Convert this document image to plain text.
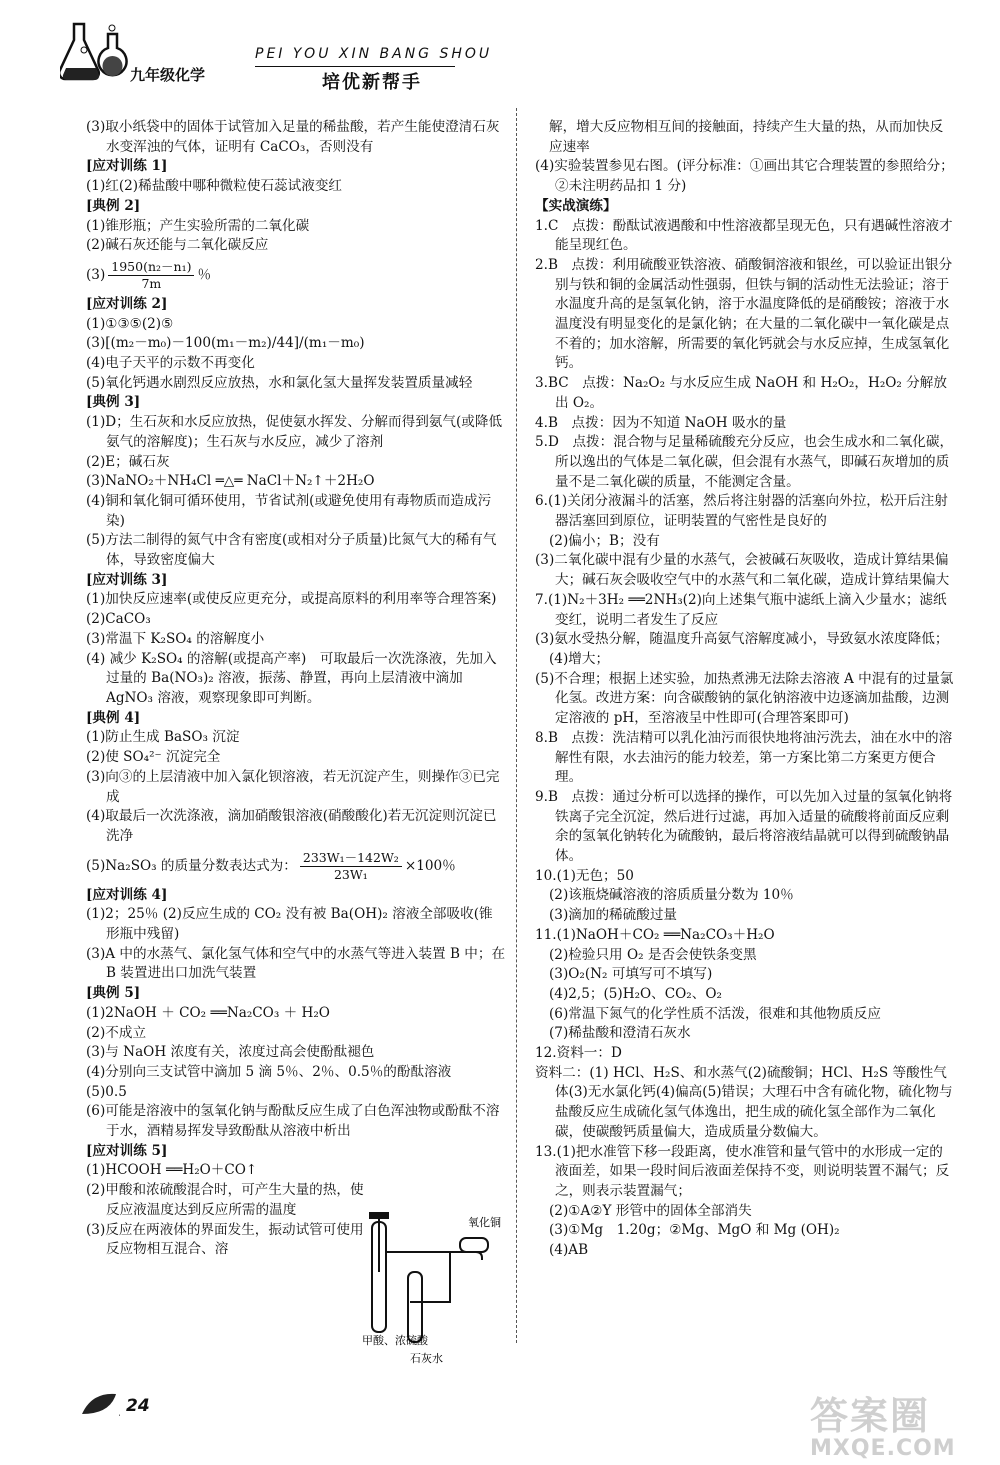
九年级化学
PEI YOU XIN BANG SHOU
培优新帮手
(3)取小纸袋中的固体于试管加入足量的稀盐酸，若产生能使澄清石灰水变浑浊的气体，证明有 CaCO₃，否则没有
[应对训练 1]
(1)红(2)稀盐酸中哪种微粒使石蕊试液变红
[典例 2]
(1)锥形瓶；产生实验所需的二氧化碳
(2)碱石灰还能与二氧化碳反应
$(3) \frac{\text{1950(n₂－n₁)}}{7m}$ ％
[应对训练 2]
(1)①③⑤(2)⑤
(3)[(m₂－m₀)－100(m₁－m₂)/44]/(m₁－m₀)
(4)电子天平的示数不再变化
(5)氧化钙遇水剧烈反应放热，水和氯化氢大量挥发装置质量减轻
[典例 3]
(1)D；生石灰和水反应放热，促使氨水挥发、分解而得到氨气(或降低氨气的溶解度)；生石灰与水反应，减少了溶剂
(2)E；碱石灰
(3)NaNO₂＋NH₄Cl ═△═ NaCl＋N₂↑＋2H₂O
(4)铜和氧化铜可循环使用，节省试剂(或避免使用有毒物质而造成污染)
(5)方法二制得的氮气中含有密度(或相对分子质量)比氮气大的稀有气体，导致密度偏大
[应对训练 3]
(1)加快反应速率(或使反应更充分，或提高原料的利用率等合理答案)
(2)CaCO₃
(3)常温下 K₂SO₄ 的溶解度小
(4) 减少 K₂SO₄ 的溶解(或提高产率)　可取最后一次洗涤液，先加入过量的 Ba(NO₃)₂ 溶液，振荡、静置，再向上层清液中滴加 AgNO₃ 溶液，观察现象即可判断。
[典例 4]
(1)防止生成 BaSO₃ 沉淀
(2)使 SO₄²⁻ 沉淀完全
(3)向③的上层清液中加入氯化钡溶液，若无沉淀产生，则操作③已完成
(4)取最后一次洗涤液，滴加硝酸银溶液(硝酸酸化)若无沉淀则沉淀已洗净
(5)Na₂SO₃ 的质量分数表达式为： $\frac{\text{233W₁－142W₂}}{\text{23W₁}} \times 100$％
[应对训练 4]
(1)2；25％ (2)反应生成的 CO₂ 没有被 Ba(OH)₂ 溶液全部吸收(锥形瓶中残留)
(3)A 中的水蒸气、氯化氢气体和空气中的水蒸气等进入装置 B 中；在 B 装置进出口加洗气装置
[典例 5]
(1)2NaOH ＋ CO₂ ══Na₂CO₃ ＋ H₂O
(2)不成立
(3)与 NaOH 浓度有关，浓度过高会使酚酞褪色
(4)分别向三支试管中滴加 5 滴 5％、2％、0.5％的酚酞溶液
(5)0.5
(6)可能是溶液中的氢氧化钠与酚酞反应生成了白色浑浊物或酚酞不溶于水，酒精易挥发导致酚酞从溶液中析出
[应对训练 5]
(1)HCOOH ══H₂O＋CO↑
(2)甲酸和浓硫酸混合时，可产生大量的热，使反应液温度达到反应所需的温度
(3)反应在两液体的界面发生，振动试管可使用反应物相互混合、溶
解，增大反应物相互间的接触面，持续产生大量的热，从而加快反应速率
(4)实验装置参见右图。(评分标准：①画出其它合理装置的参照给分；②未注明药品扣 1 分)
【实战演练】
1.C　点拨：酚酞试液遇酸和中性溶液都呈现无色，只有遇碱性溶液才能呈现红色。
2.B　点拨：利用硫酸亚铁溶液、硝酸铜溶液和银丝，可以验证出银分别与铁和铜的金属活动性强弱，但铁与铜的活动性无法验证；溶于水温度升高的是氢氧化钠，溶于水温度降低的是硝酸铵；溶液于水温度没有明显变化的是氯化钠；在大量的二氧化碳中一氧化碳是点不着的；加水溶解，所需要的氧化钙就会与水反应掉，生成氢氧化钙。
3.BC　点拨：Na₂O₂ 与水反应生成 NaOH 和 H₂O₂，H₂O₂ 分解放出 O₂。
4.B　点拨：因为不知道 NaOH 吸水的量
5.D　点拨：混合物与足量稀硫酸充分反应，也会生成水和二氧化碳，所以逸出的气体是二氧化碳，但会混有水蒸气，即碱石灰增加的质量不是二氧化碳的质量，不能测定含量。
6.(1)关闭分液漏斗的活塞，然后将注射器的活塞向外拉，松开后注射器活塞回到原位，证明装置的气密性是良好的
(2)偏小；B；没有
(3)二氧化碳中混有少量的水蒸气，会被碱石灰吸收，造成计算结果偏大；碱石灰会吸收空气中的水蒸气和二氧化碳，造成计算结果偏大
7.(1)N₂＋3H₂ ══2NH₃(2)向上述集气瓶中滤纸上滴入少量水；滤纸变红，说明二者发生了反应
(3)氨水受热分解，随温度升高氨气溶解度减小，导致氨水浓度降低；
(4)增大；
(5)不合理；根据上述实验，加热煮沸无法除去溶液 A 中混有的过量氯化氢。改进方案：向含碳酸钠的氯化钠溶液中边逐滴加盐酸，边测定溶液的 pH，至溶液呈中性即可(合理答案即可)
8.B　点拨：洗洁精可以乳化油污而很快地将油污洗去，油在水中的溶解性有限，水去油污的能力较差，第一方案比第二方案更方便合理。
9.B　点拨：通过分析可以选择的操作，可以先加入过量的氢氧化钠将铁离子完全沉淀，然后进行过滤，再加入适量的硫酸将前面反应剩余的氢氧化钠转化为硫酸钠，最后将溶液结晶就可以得到硫酸钠晶体。
10.(1)无色；50
(2)该瓶烧碱溶液的溶质质量分数为 10％
(3)滴加的稀硫酸过量
11.(1)NaOH＋CO₂ ══Na₂CO₃＋H₂O
(2)检验只用 O₂ 是否会使铁条变黑
(3)O₂(N₂ 可填写可不填写)
(4)2,5；(5)H₂O、CO₂、O₂
(6)常温下氮气的化学性质不活泼，很难和其他物质反应
(7)稀盐酸和澄清石灰水
12.资料一：D
资料二：(1) HCl、H₂S、和水蒸气(2)硫酸铜；HCl、H₂S 等酸性气体(3)无水氯化钙(4)偏高(5)错误；大理石中含有硫化物，硫化物与盐酸反应生成硫化氢气体逸出，把生成的硫化氢全部作为二氧化碳，使碳酸钙质量偏大，造成质量分数偏大。
13.(1)把水准管下移一段距离，使水准管和量气管中的水形成一定的液面差，如果一段时间后液面差保持不变，则说明装置不漏气；反之，则表示装置漏气；
(2)①A②Y 形管中的固体全部消失
(3)①Mg　1.20g；②Mg、MgO 和 Mg (OH)₂
(4)AB
氧化铜
甲酸、浓硫酸
石灰水
24	答案圈
MXQE.COM
